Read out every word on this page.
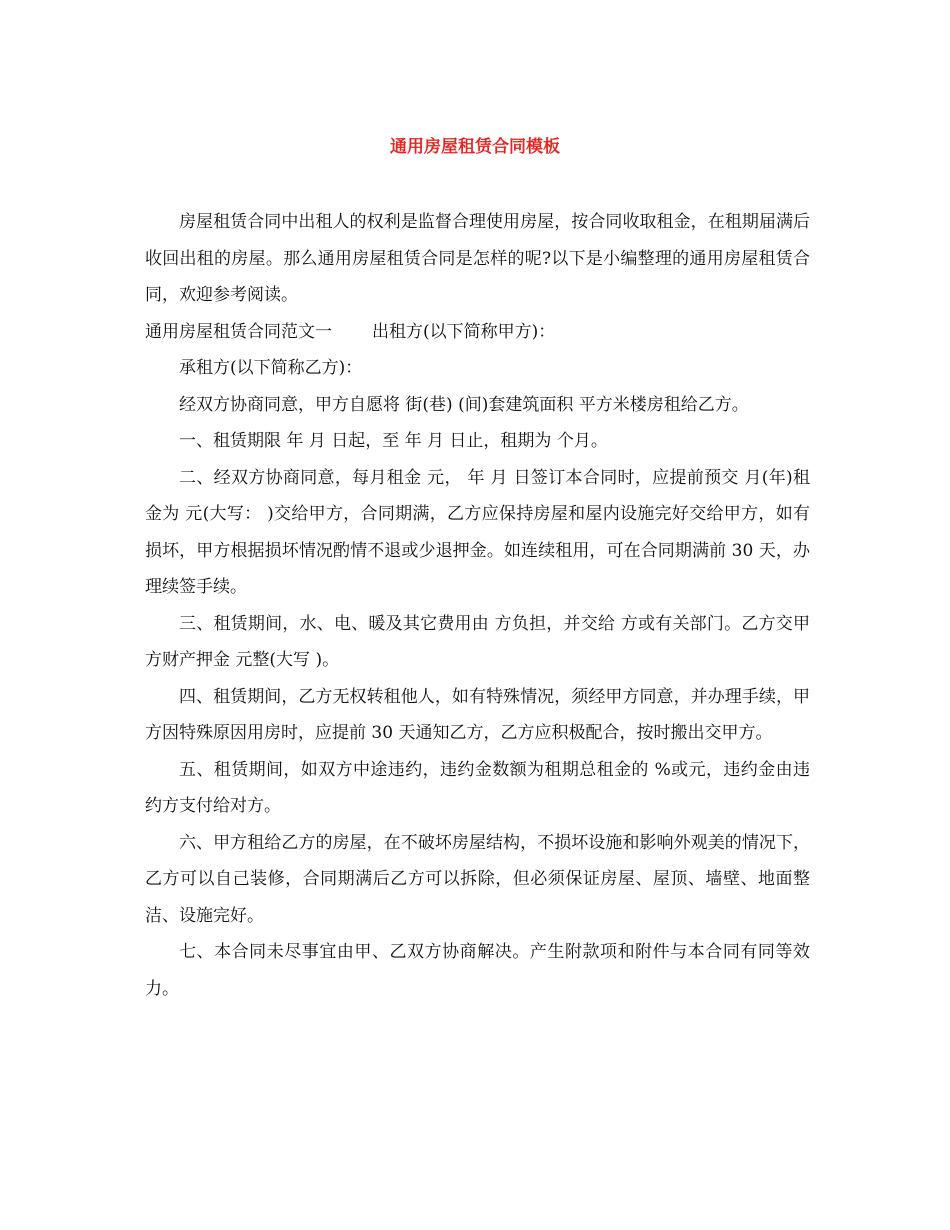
通用房屋租赁合同模板

房屋租赁合同中出租人的权利是监督合理使用房屋，按合同收取租金，在租期届满后收回出租的房屋。那么通用房屋租赁合同是怎样的呢?以下是小编整理的通用房屋租赁合同，欢迎参考阅读。

通用房屋租赁合同范文一 出租方(以下简称甲方)：

承租方(以下简称乙方)：

经双方协商同意，甲方自愿将 街(巷) (间)套建筑面积 平方米楼房租给乙方。

一、租赁期限 年 月 日起，至 年 月 日止，租期为 个月。

二、经双方协商同意，每月租金 元， 年 月 日签订本合同时，应提前预交 月(年)租金为 元(大写： )交给甲方，合同期满，乙方应保持房屋和屋内设施完好交给甲方，如有损坏，甲方根据损坏情况酌情不退或少退押金。如连续租用，可在合同期满前 30 天，办理续签手续。

三、租赁期间，水、电、暖及其它费用由 方负担，并交给 方或有关部门。乙方交甲方财产押金 元整(大写 )。

四、租赁期间，乙方无权转租他人，如有特殊情况，须经甲方同意，并办理手续，甲方因特殊原因用房时，应提前 30 天通知乙方，乙方应积极配合，按时搬出交甲方。

五、租赁期间，如双方中途违约，违约金数额为租期总租金的 %或元，违约金由违约方支付给对方。

六、甲方租给乙方的房屋，在不破坏房屋结构，不损坏设施和影响外观美的情况下，乙方可以自己装修，合同期满后乙方可以拆除，但必须保证房屋、屋顶、墙壁、地面整洁、设施完好。

七、本合同未尽事宜由甲、乙双方协商解决。产生附款项和附件与本合同有同等效力。
